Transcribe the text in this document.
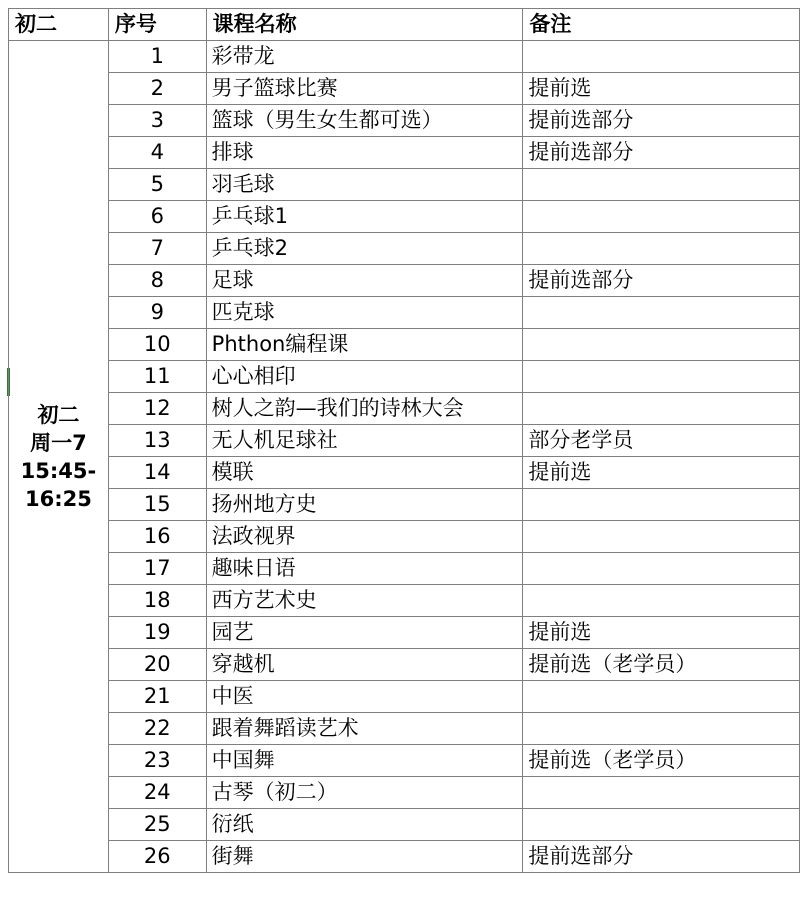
初二	序号	课程名称	备注

初二
周一7
15:45-
16:25	1	彩带龙	
	2	男子篮球比赛	提前选
	3	篮球（男生女生都可选）	提前选部分
	4	排球	提前选部分
	5	羽毛球	
	6	乒乓球1	
	7	乒乓球2	
	8	足球	提前选部分
	9	匹克球	
	10	Phthon编程课	
	11	心心相印	
	12	树人之韵—我们的诗林大会	
	13	无人机足球社	部分老学员
	14	模联	提前选
	15	扬州地方史	
	16	法政视界	
	17	趣味日语	
	18	西方艺术史	
	19	园艺	提前选
	20	穿越机	提前选（老学员）
	21	中医	
	22	跟着舞蹈读艺术	
	23	中国舞	提前选（老学员）
	24	古琴（初二）	
	25	衍纸	
	26	街舞	提前选部分
